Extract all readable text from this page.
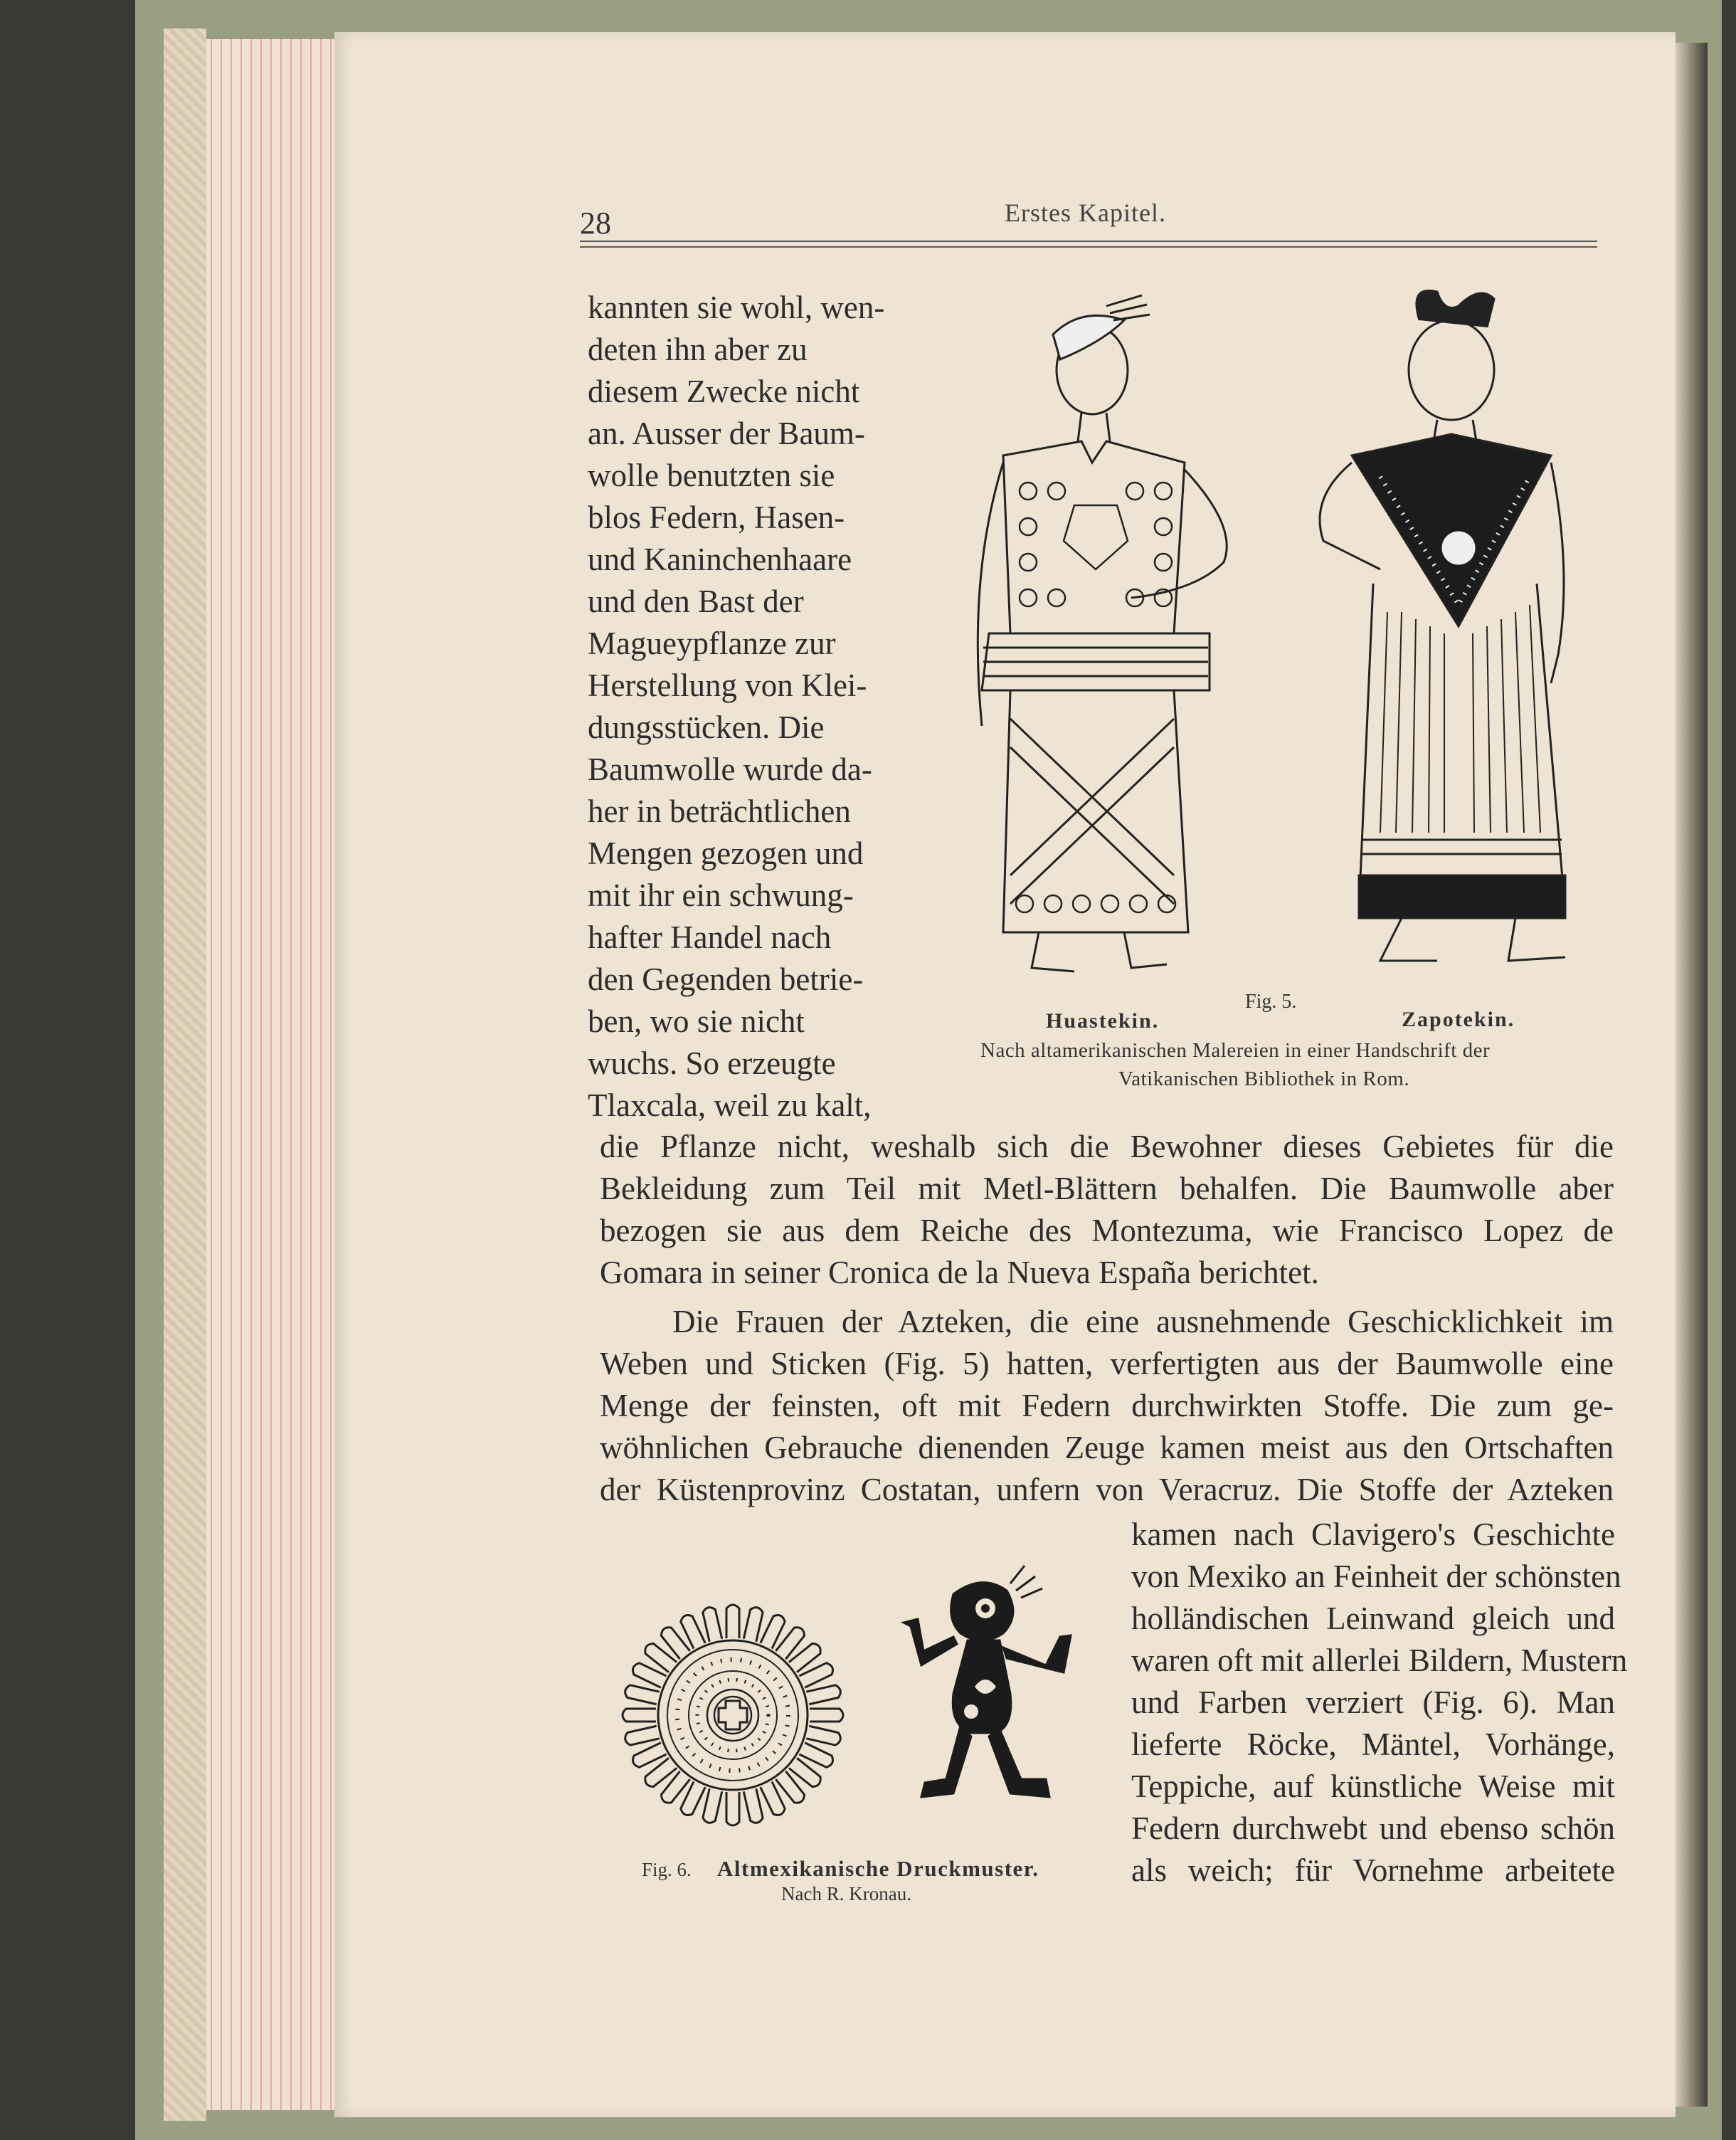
28	Erstes Kapitel.
kannten sie wohl, wen-
deten ihn aber zu
diesem Zwecke nicht
an. Ausser der Baum-
wolle benutzten sie
blos Federn, Hasen-
und Kaninchenhaare
und den Bast der
Magueypflanze zur
Herstellung von Klei-
dungsstücken. Die
Baumwolle wurde da-
her in beträchtlichen
Mengen gezogen und
mit ihr ein schwung-
hafter Handel nach
den Gegenden betrie-
ben, wo sie nicht
wuchs. So erzeugte
Tlaxcala, weil zu kalt,
Fig. 5.
Huastekin.	Zapotekin.
Nach altamerikanischen Malereien in einer Handschrift der
Vatikanischen Bibliothek in Rom.
die Pflanze nicht, weshalb sich die Bewohner dieses Gebietes für die
Bekleidung zum Teil mit Metl-Blättern behalfen. Die Baumwolle aber
bezogen sie aus dem Reiche des Montezuma, wie Francisco Lopez de
Gomara in seiner Cronica de la Nueva España berichtet.
Die Frauen der Azteken, die eine ausnehmende Geschicklichkeit im
Weben und Sticken (Fig. 5) hatten, verfertigten aus der Baumwolle eine
Menge der feinsten, oft mit Federn durchwirkten Stoffe. Die zum ge-
wöhnlichen Gebrauche dienenden Zeuge kamen meist aus den Ortschaften
der Küstenprovinz Costatan, unfern von Veracruz. Die Stoffe der Azteken
kamen nach Clavigero's Geschichte
von Mexiko an Feinheit der schönsten
holländischen Leinwand gleich und
waren oft mit allerlei Bildern, Mustern
und Farben verziert (Fig. 6). Man
lieferte Röcke, Mäntel, Vorhänge,
Teppiche, auf künstliche Weise mit
Federn durchwebt und ebenso schön
als weich; für Vornehme arbeitete
Fig. 6. Altmexikanische Druckmuster.
Nach R. Kronau.
